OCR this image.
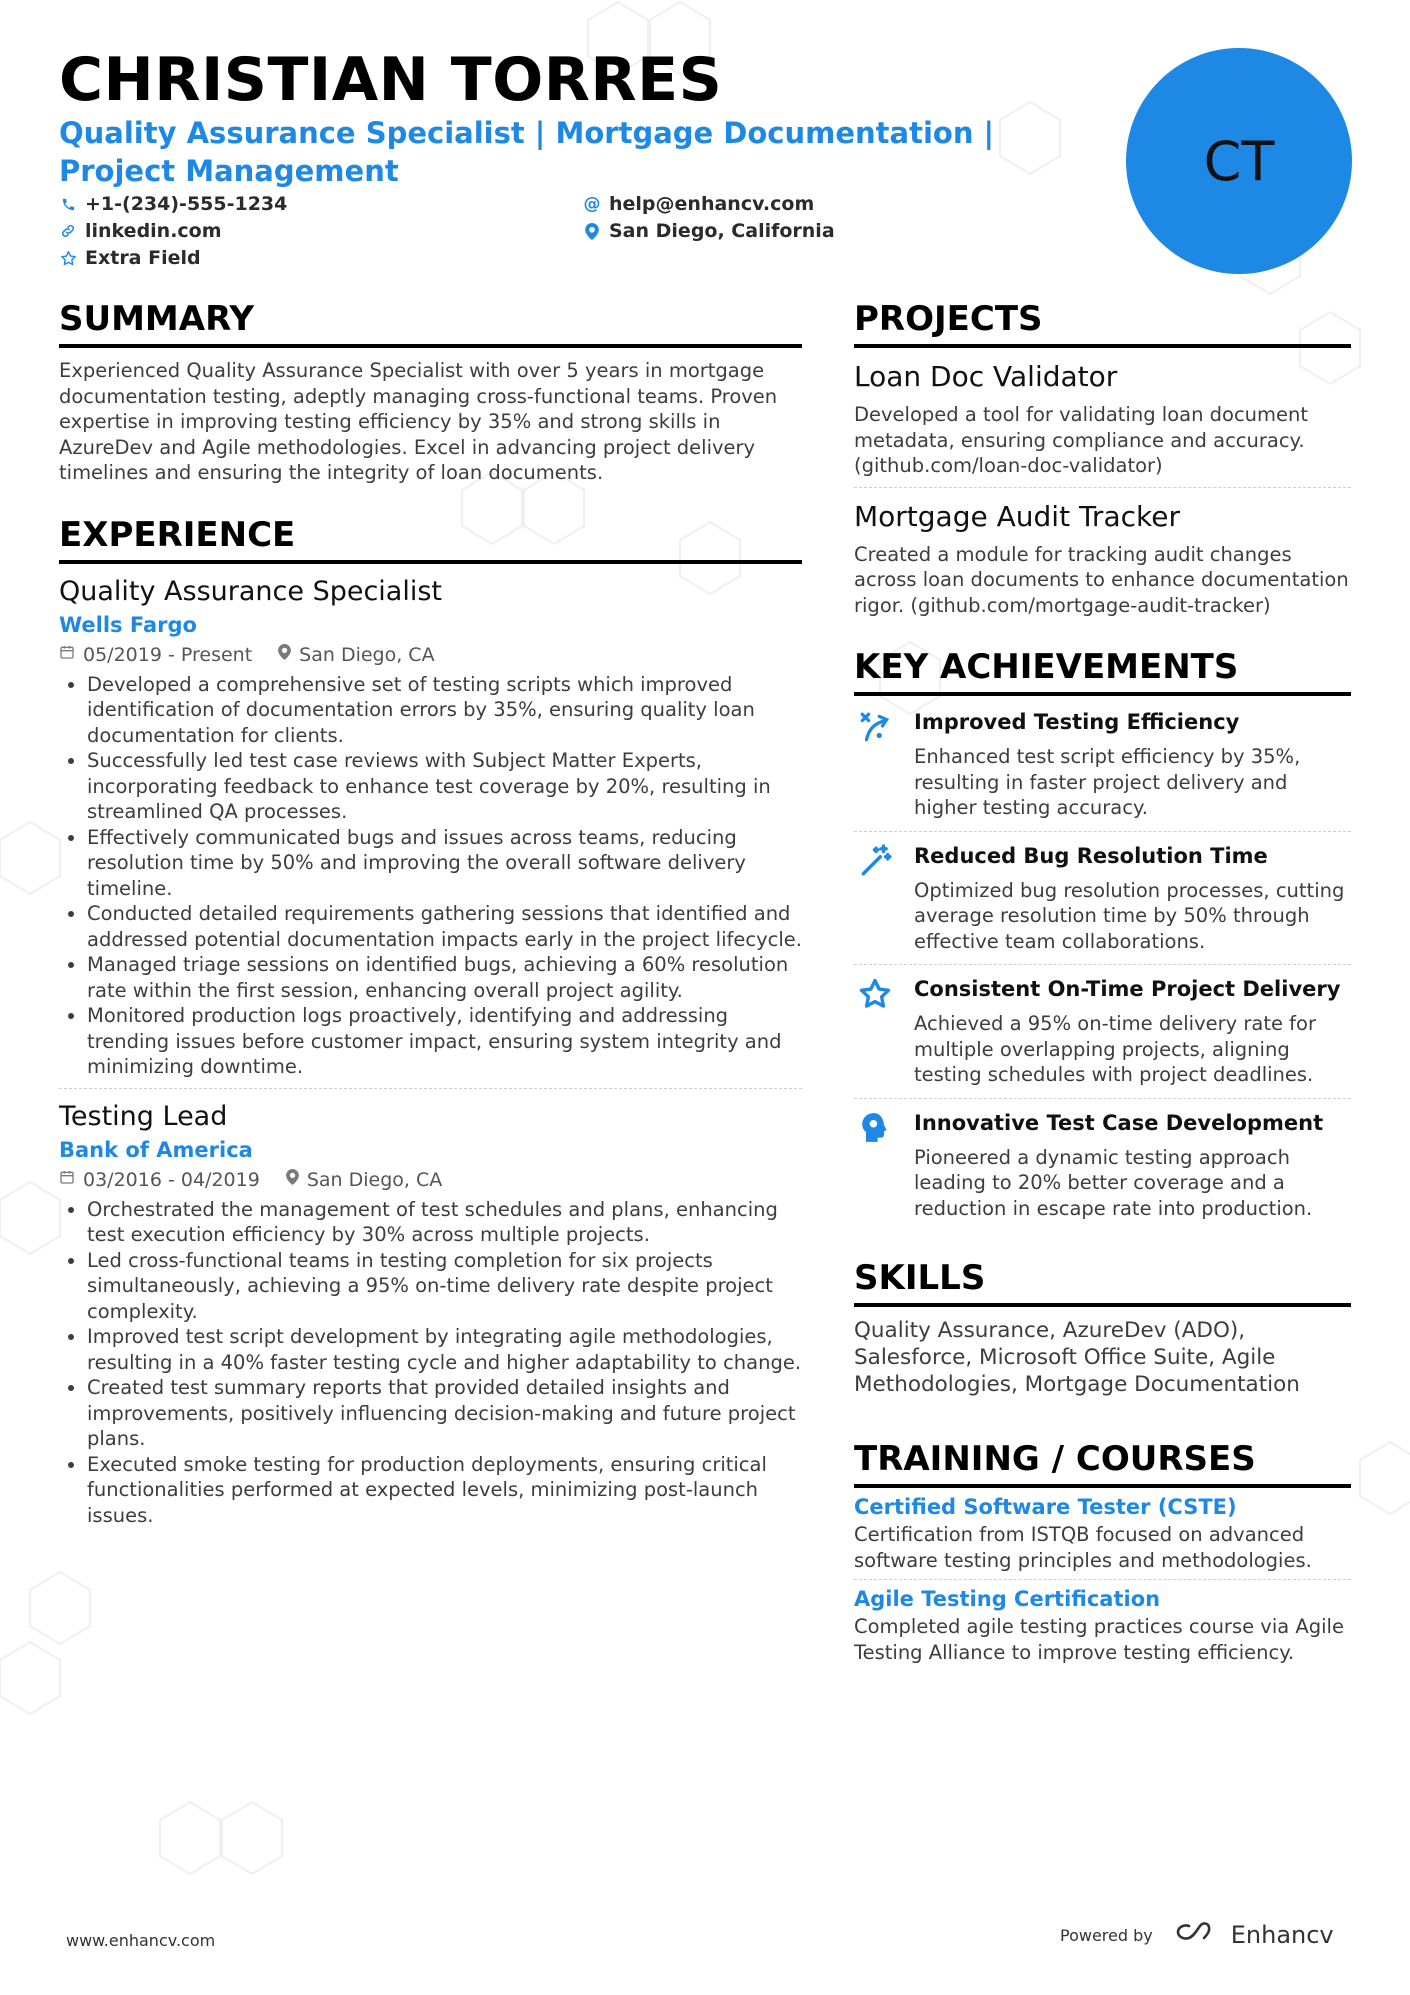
CHRISTIAN TORRES

Quality Assurance Specialist | Mortgage Documentation | Project Management

+1-(234)-555-1234	@ help@enhancv.com
linkedin.com	San Diego, California
Extra Field
CT
SUMMARY
Experienced Quality Assurance Specialist with over 5 years in mortgage documentation testing, adeptly managing cross-functional teams. Proven expertise in improving testing efficiency by 35% and strong skills in AzureDev and Agile methodologies. Excel in advancing project delivery timelines and ensuring the integrity of loan documents.
EXPERIENCE
Quality Assurance Specialist
Wells Fargo
05/2019 - Present San Diego, CA
• Developed a comprehensive set of testing scripts which improved identification of documentation errors by 35%, ensuring quality loan documentation for clients.
• Successfully led test case reviews with Subject Matter Experts, incorporating feedback to enhance test coverage by 20%, resulting in streamlined QA processes.
• Effectively communicated bugs and issues across teams, reducing resolution time by 50% and improving the overall software delivery timeline.
• Conducted detailed requirements gathering sessions that identified and addressed potential documentation impacts early in the project lifecycle.
• Managed triage sessions on identified bugs, achieving a 60% resolution rate within the first session, enhancing overall project agility.
• Monitored production logs proactively, identifying and addressing trending issues before customer impact, ensuring system integrity and minimizing downtime.
Testing Lead
Bank of America
03/2016 - 04/2019 San Diego, CA
• Orchestrated the management of test schedules and plans, enhancing test execution efficiency by 30% across multiple projects.
• Led cross-functional teams in testing completion for six projects simultaneously, achieving a 95% on-time delivery rate despite project complexity.
• Improved test script development by integrating agile methodologies, resulting in a 40% faster testing cycle and higher adaptability to change.
• Created test summary reports that provided detailed insights and improvements, positively influencing decision-making and future project plans.
• Executed smoke testing for production deployments, ensuring critical functionalities performed at expected levels, minimizing post-launch issues.
PROJECTS
Loan Doc Validator
Developed a tool for validating loan document metadata, ensuring compliance and accuracy. (github.com/loan-doc-validator)
Mortgage Audit Tracker
Created a module for tracking audit changes across loan documents to enhance documentation rigor. (github.com/mortgage-audit-tracker)
KEY ACHIEVEMENTS
Improved Testing Efficiency
Enhanced test script efficiency by 35%, resulting in faster project delivery and higher testing accuracy.
Reduced Bug Resolution Time
Optimized bug resolution processes, cutting average resolution time by 50% through effective team collaborations.
Consistent On-Time Project Delivery
Achieved a 95% on-time delivery rate for multiple overlapping projects, aligning testing schedules with project deadlines.
Innovative Test Case Development
Pioneered a dynamic testing approach leading to 20% better coverage and a reduction in escape rate into production.
SKILLS
Quality Assurance, AzureDev (ADO), Salesforce, Microsoft Office Suite, Agile Methodologies, Mortgage Documentation
TRAINING / COURSES
Certified Software Tester (CSTE)
Certification from ISTQB focused on advanced software testing principles and methodologies.
Agile Testing Certification
Completed agile testing practices course via Agile Testing Alliance to improve testing efficiency.
www.enhancv.com	Powered by	Enhancv
